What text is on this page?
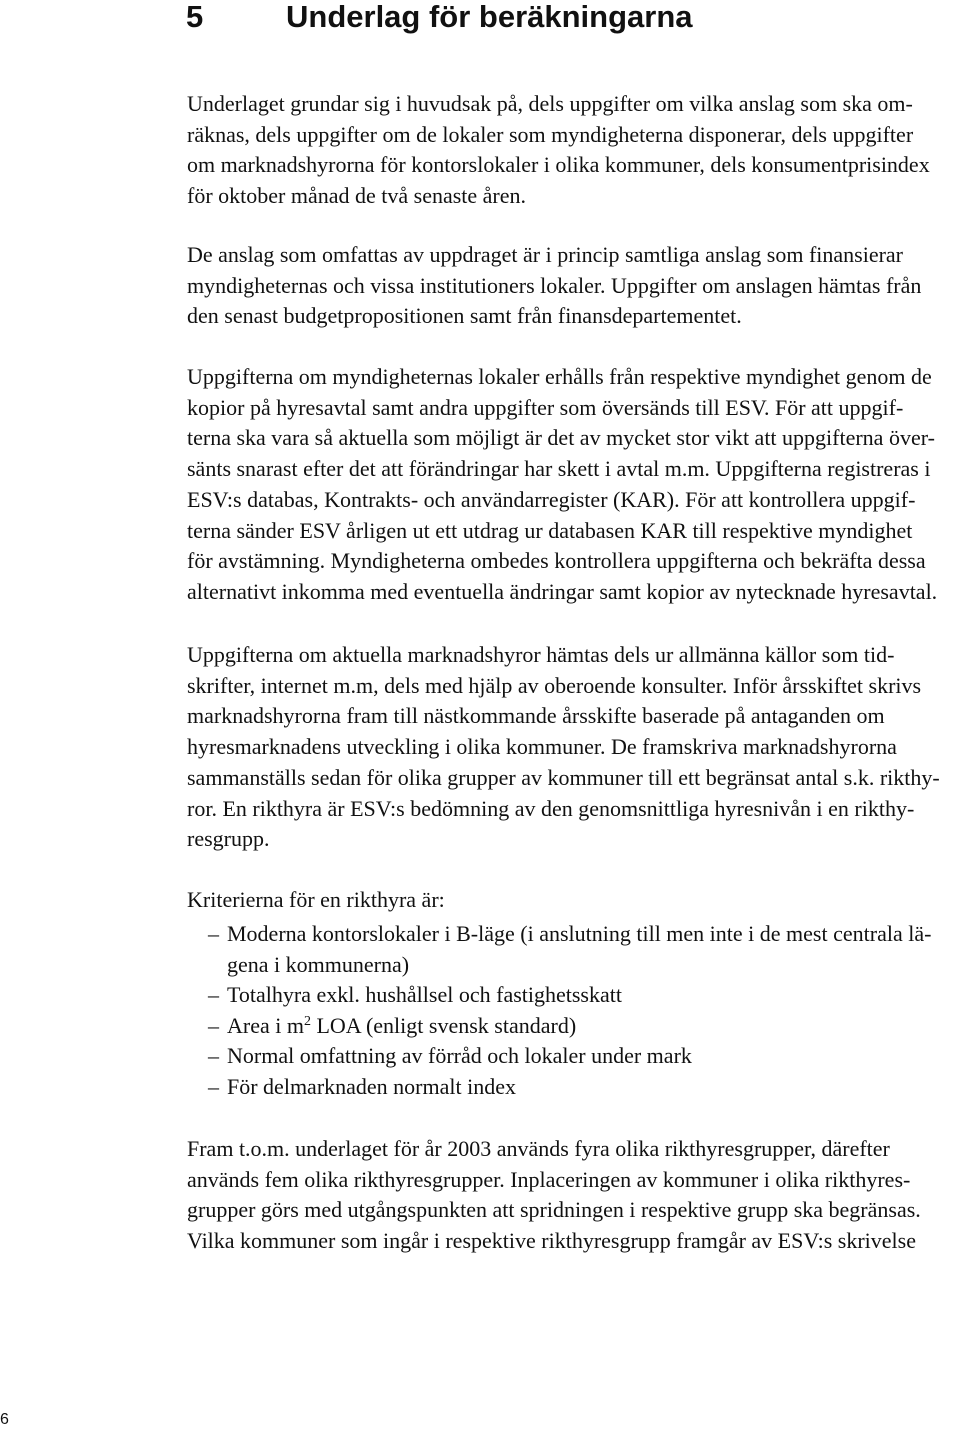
5	Underlag för beräkningarna
Underlaget grundar sig i huvudsak på, dels uppgifter om vilka anslag som ska om-
räknas, dels uppgifter om de lokaler som myndigheterna disponerar, dels uppgifter
om marknadshyrorna för kontorslokaler i olika kommuner, dels konsumentprisindex
för oktober månad de två senaste åren.
De anslag som omfattas av uppdraget är i princip samtliga anslag som finansierar
myndigheternas och vissa institutioners lokaler. Uppgifter om anslagen hämtas från
den senast budgetpropositionen samt från finansdepartementet.
Uppgifterna om myndigheternas lokaler erhålls från respektive myndighet genom de
kopior på hyresavtal samt andra uppgifter som översänds till ESV. För att uppgif-
terna ska vara så aktuella som möjligt är det av mycket stor vikt att uppgifterna över-
sänts snarast efter det att förändringar har skett i avtal m.m. Uppgifterna registreras i
ESV:s databas, Kontrakts- och användarregister (KAR). För att kontrollera uppgif-
terna sänder ESV årligen ut ett utdrag ur databasen KAR till respektive myndighet
för avstämning. Myndigheterna ombedes kontrollera uppgifterna och bekräfta dessa
alternativt inkomma med eventuella ändringar samt kopior av nytecknade hyresavtal.
Uppgifterna om aktuella marknadshyror hämtas dels ur allmänna källor som tid-
skrifter, internet m.m, dels med hjälp av oberoende konsulter. Inför årsskiftet skrivs
marknadshyrorna fram till nästkommande årsskifte baserade på antaganden om
hyresmarknadens utveckling i olika kommuner. De framskriva marknadshyrorna
sammanställs sedan för olika grupper av kommuner till ett begränsat antal s.k. rikthy-
ror. En rikthyra är ESV:s bedömning av den genomsnittliga hyresnivån i en rikthy-
resgrupp.
Kriterierna för en rikthyra är:
– Moderna kontorslokaler i B-läge (i anslutning till men inte i de mest centrala lä-
gena i kommunerna)
– Totalhyra exkl. hushållsel och fastighetsskatt
– Area i $m^2$ LOA (enligt svensk standard)
– Normal omfattning av förråd och lokaler under mark
– För delmarknaden normalt index
Fram t.o.m. underlaget för år 2003 används fyra olika rikthyresgrupper, därefter
används fem olika rikthyresgrupper. Inplaceringen av kommuner i olika rikthyres-
grupper görs med utgångspunkten att spridningen i respektive grupp ska begränsas.
Vilka kommuner som ingår i respektive rikthyresgrupp framgår av ESV:s skrivelse
6
